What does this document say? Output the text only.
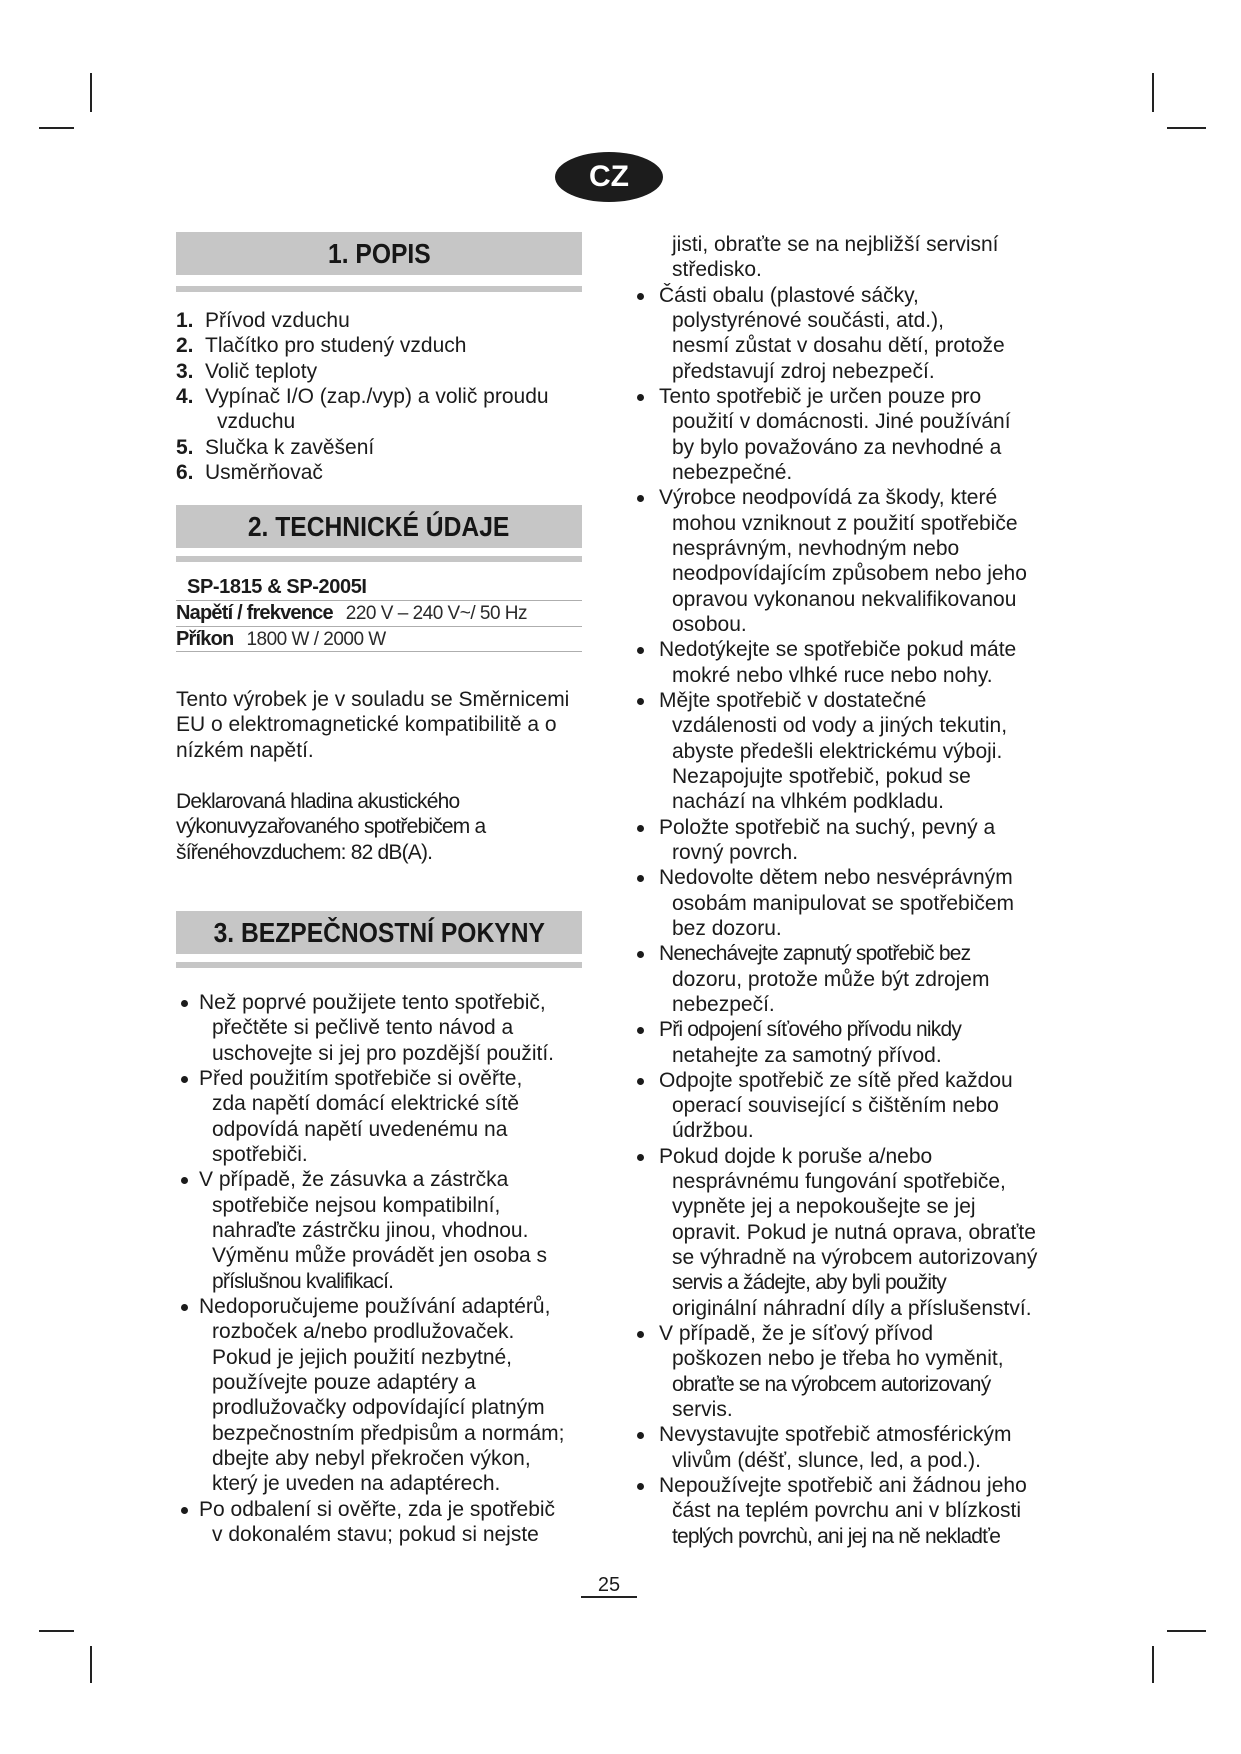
CZ
1. POPIS
1. Přívod vzduchu
2. Tlačítko pro studený vzduch
3. Volič teploty
4. Vypínač I/O (zap./vyp) a volič proudu
vzduchu
5. Slučka k zavěšení
6. Usměrňovač
2. TECHNICKÉ ÚDAJE
SP-1815 & SP-2005I
Napětí / frekvence 220 V – 240 V~/ 50 Hz
Příkon 1800 W / 2000 W
Tento výrobek je v souladu se Směrnicemi
EU o elektromagnetické kompatibilitě a o
nízkém napětí.
Deklarovaná hladina akustického
výkonuvyzařovaného spotřebičem a
šířenéhovzduchem: 82 dB(A).
3. BEZPEČNOSTNÍ POKYNY
Než poprvé použijete tento spotřebič,
přečtěte si pečlivě tento návod a
uschovejte si jej pro pozdější použití.
Před použitím spotřebiče si ověřte,
zda napětí domácí elektrické sítě
odpovídá napětí uvedenému na
spotřebiči.
V případě, že zásuvka a zástrčka
spotřebiče nejsou kompatibilní,
nahraďte zástrčku jinou, vhodnou.
Výměnu může provádět jen osoba s
příslušnou kvalifikací.
Nedoporučujeme používání adaptérů,
rozboček a/nebo prodlužovaček.
Pokud je jejich použití nezbytné,
používejte pouze adaptéry a
prodlužovačky odpovídající platným
bezpečnostním předpisům a normám;
dbejte aby nebyl překročen výkon,
který je uveden na adaptérech.
Po odbalení si ověřte, zda je spotřebič
v dokonalém stavu; pokud si nejste
jisti, obraťte se na nejbližší servisní
středisko.
Části obalu (plastové sáčky,
polystyrénové součásti, atd.),
nesmí zůstat v dosahu dětí, protože
představují zdroj nebezpečí.
Tento spotřebič je určen pouze pro
použití v domácnosti. Jiné používání
by bylo považováno za nevhodné a
nebezpečné.
Výrobce neodpovídá za škody, které
mohou vzniknout z použití spotřebiče
nesprávným, nevhodným nebo
neodpovídajícím způsobem nebo jeho
opravou vykonanou nekvalifikovanou
osobou.
Nedotýkejte se spotřebiče pokud máte
mokré nebo vlhké ruce nebo nohy.
Mějte spotřebič v dostatečné
vzdálenosti od vody a jiných tekutin,
abyste předešli elektrickému výboji.
Nezapojujte spotřebič, pokud se
nachází na vlhkém podkladu.
Položte spotřebič na suchý, pevný a
rovný povrch.
Nedovolte dětem nebo nesvéprávným
osobám manipulovat se spotřebičem
bez dozoru.
Nenechávejte zapnutý spotřebič bez
dozoru, protože může být zdrojem
nebezpečí.
Při odpojení síťového přívodu nikdy
netahejte za samotný přívod.
Odpojte spotřebič ze sítě před každou
operací související s čištěním nebo
údržbou.
Pokud dojde k poruše a/nebo
nesprávnému fungování spotřebiče,
vypněte jej a nepokoušejte se jej
opravit. Pokud je nutná oprava, obraťte
se výhradně na výrobcem autorizovaný
servis a žádejte, aby byli použity
originální náhradní díly a příslušenství.
V případě, že je síťový přívod
poškozen nebo je třeba ho vyměnit,
obraťte se na výrobcem autorizovaný
servis.
Nevystavujte spotřebič atmosférickým
vlivům (déšť, slunce, led, a pod.).
Nepoužívejte spotřebič ani žádnou jeho
část na teplém povrchu ani v blízkosti
teplých povrchù, ani jej na ně nekladťe
25
